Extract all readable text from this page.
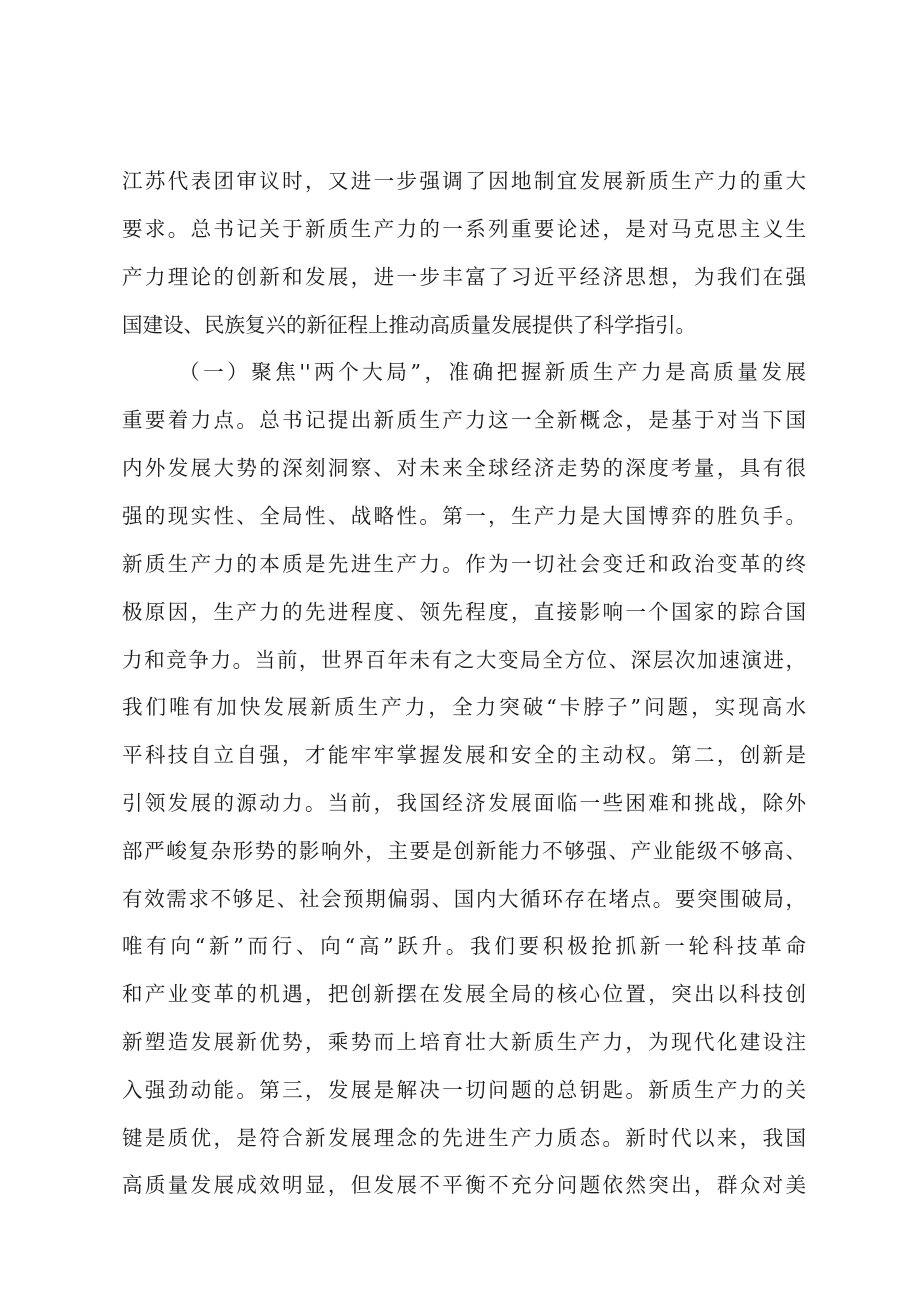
江苏代表团审议时，又进一步强调了因地制宜发展新质生产力的重大
要求。总书记关于新质生产力的一系列重要论述，是对马克思主义生
产力理论的创新和发展，进一步丰富了习近平经济思想，为我们在强
国建设、民族复兴的新征程上推动高质量发展提供了科学指引。
（一）聚焦''两个大局”，准确把握新质生产力是高质量发展
重要着力点。总书记提出新质生产力这一全新概念，是基于对当下国
内外发展大势的深刻洞察、对未来全球经济走势的深度考量，具有很
强的现实性、全局性、战略性。第一，生产力是大国博弈的胜负手。
新质生产力的本质是先进生产力。作为一切社会变迁和政治变革的终
极原因，生产力的先进程度、领先程度，直接影响一个国家的踪合国
力和竞争力。当前，世界百年未有之大变局全方位、深层次加速演进，
我们唯有加快发展新质生产力，全力突破“卡脖子”问题，实现高水
平科技自立自强，才能牢牢掌握发展和安全的主动权。第二，创新是
引领发展的源动力。当前，我国经济发展面临一些困难和挑战，除外
部严峻复杂形势的影响外，主要是创新能力不够强、产业能级不够高、
有效需求不够足、社会预期偏弱、国内大循环存在堵点。要突围破局，
唯有向“新”而行、向“高”跃升。我们要积极抢抓新一轮科技革命
和产业变革的机遇，把创新摆在发展全局的核心位置，突出以科技创
新塑造发展新优势，乘势而上培育壮大新质生产力，为现代化建设注
入强劲动能。第三，发展是解决一切问题的总钥匙。新质生产力的关
键是质优，是符合新发展理念的先进生产力质态。新时代以来，我国
高质量发展成效明显，但发展不平衡不充分问题依然突出，群众对美
